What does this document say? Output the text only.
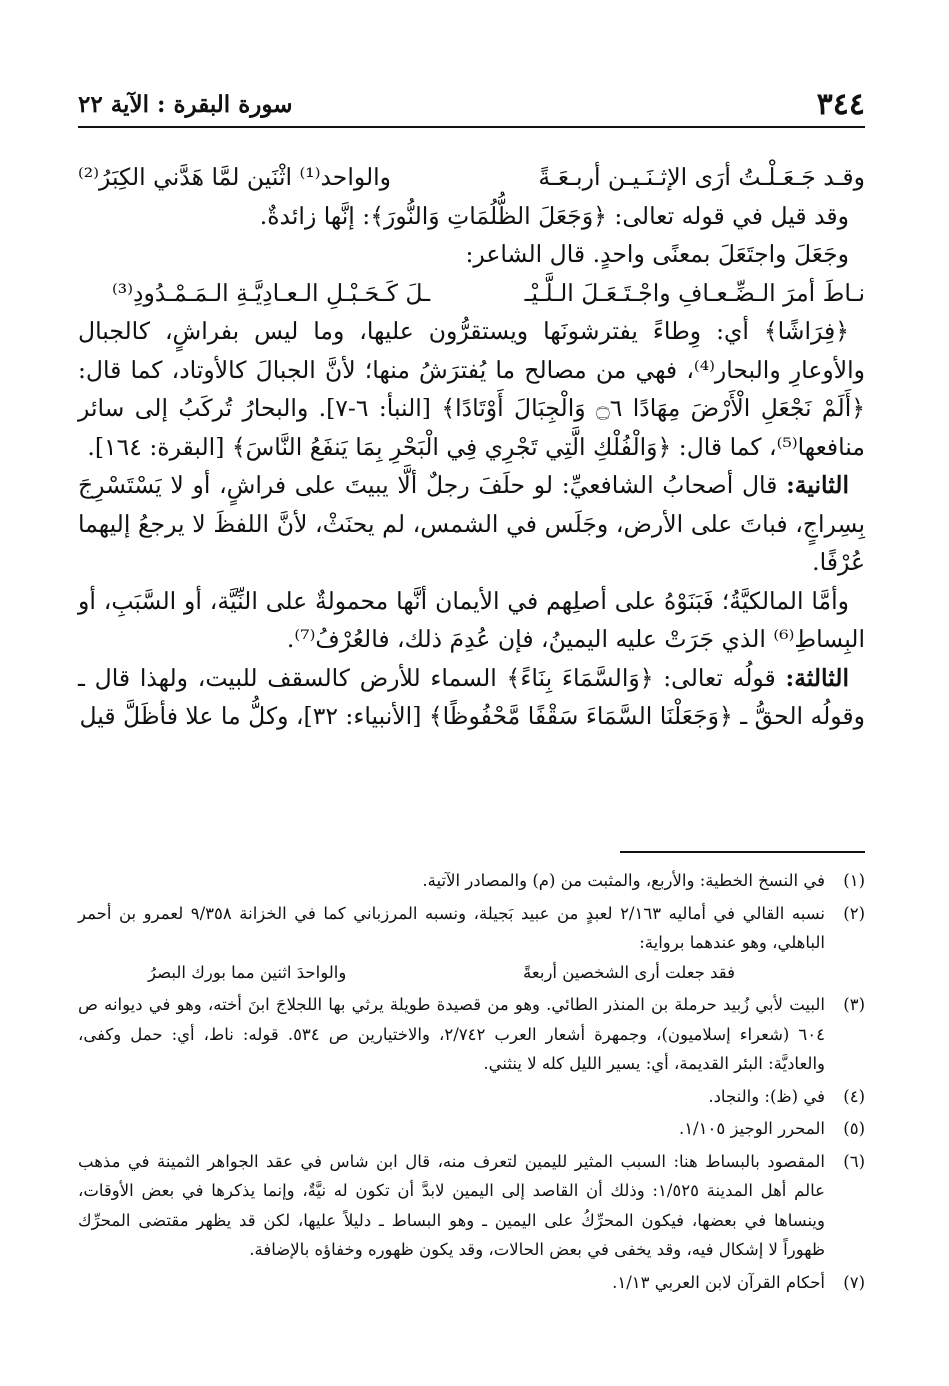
٣٤٤
سورة البقرة : الآية ٢٢
وقـد جَـعَـلْـتُ أرَى الإثـنَـيـن أربـعَـةً
والواحد⁽¹⁾ اثْنَين لمَّا هَدَّني الكِبَرُ⁽²⁾

وقد قيل في قوله تعالى: ﴿وَجَعَلَ الظُّلُمَاتِ وَالنُّورَ﴾: إنَّها زائدةٌ.

وجَعَلَ واجتَعَلَ بمعنًى واحدٍ. قال الشاعر:

نـاطَ أمرَ الـضِّـعـافِ واجْـتَـعَـلَ الـلَّـيْـ
ـلَ كَـحَـبْـلِ الـعـادِيَّـةِ الـمَـمْـدُودِ⁽³⁾

﴿فِرَاشًا﴾ أي: وِطاءً يفترشونَها ويستقرُّون عليها، وما ليس بفراشٍ، كالجبال والأوعارِ والبحار⁽⁴⁾، فهي من مصالح ما يُفترَشُ منها؛ لأنَّ الجبالَ كالأوتاد، كما قال: ﴿أَلَمْ نَجْعَلِ الْأَرْضَ مِهَادًا ۝٦ وَالْجِبَالَ أَوْتَادًا﴾ [النبأ: ٦-٧]. والبحارُ تُركَبُ إلى سائر منافعها⁽⁵⁾، كما قال: ﴿وَالْفُلْكِ الَّتِي تَجْرِي فِي الْبَحْرِ بِمَا يَنفَعُ النَّاسَ﴾ [البقرة: ١٦٤].

الثانية: قال أصحابُ الشافعيِّ: لو حلَفَ رجلٌ ألَّا يبيتَ على فراشٍ، أو لا يَسْتَسْرِجَ بِسِراجٍ، فباتَ على الأرض، وجَلَس في الشمس، لم يحنَثْ، لأنَّ اللفظَ لا يرجعُ إليهما عُرْفًا.

وأمَّا المالكيَّةُ؛ فَبَنَوْهُ على أصلِهم في الأيمان أنَّها محمولةٌ على النِّيَّة، أو السَّبَبِ، أو البِساطِ⁽⁶⁾ الذي جَرَتْ عليه اليمينُ، فإن عُدِمَ ذلك، فالعُرْفُ⁽⁷⁾.

الثالثة: قولُه تعالى: ﴿وَالسَّمَاءَ بِنَاءً﴾ السماء للأرض كالسقف للبيت، ولهذا قال ـ وقولُه الحقُّ ـ ﴿وَجَعَلْنَا السَّمَاءَ سَقْفًا مَّحْفُوظًا﴾ [الأنبياء: ٣٢]، وكلُّ ما علا فأظَلَّ قيل

(١)
في النسخ الخطية: والأربع، والمثبت من (م) والمصادر الآتية.
(٢)
نسبه القالي في أماليه ٢/١٦٣ لعبدٍ من عبيد بَجيلة، ونسبه المرزباني كما في الخزانة ٩/٣٥٨ لعمرو بن أحمر الباهلي، وهو عندهما برواية:
فقد جعلت أرى الشخصين أربعةً
والواحدَ اثنين مما بورك البصرُ
(٣)
البيت لأبي زُبيد حرملة بن المنذر الطائي. وهو من قصيدة طويلة يرثي بها اللجلاجَ ابنَ أخته، وهو في ديوانه ص ٦٠٤ (شعراء إسلاميون)، وجمهرة أشعار العرب ٢/٧٤٢، والاختيارين ص ٥٣٤. قوله: ناط، أي: حمل وكفى، والعاديَّة: البئر القديمة، أي: يسير الليل كله لا ينثني.
(٤)
في (ظ): والنجاد.
(٥)
المحرر الوجيز ١/١٠٥.
(٦)
المقصود بالبساط هنا: السبب المثير لليمين لتعرف منه، قال ابن شاس في عقد الجواهر الثمينة في مذهب عالم أهل المدينة ١/٥٢٥: وذلك أن القاصد إلى اليمين لابدَّ أن تكون له نيَّةٌ، وإنما يذكرها في بعض الأوقات، وينساها في بعضها، فيكون المحرِّكُ على اليمين ـ وهو البساط ـ دليلاً عليها، لكن قد يظهر مقتضى المحرِّك ظهوراً لا إشكال فيه، وقد يخفى في بعض الحالات، وقد يكون ظهوره وخفاؤه بالإضافة.
(٧)
أحكام القرآن لابن العربي ١/١٣.
